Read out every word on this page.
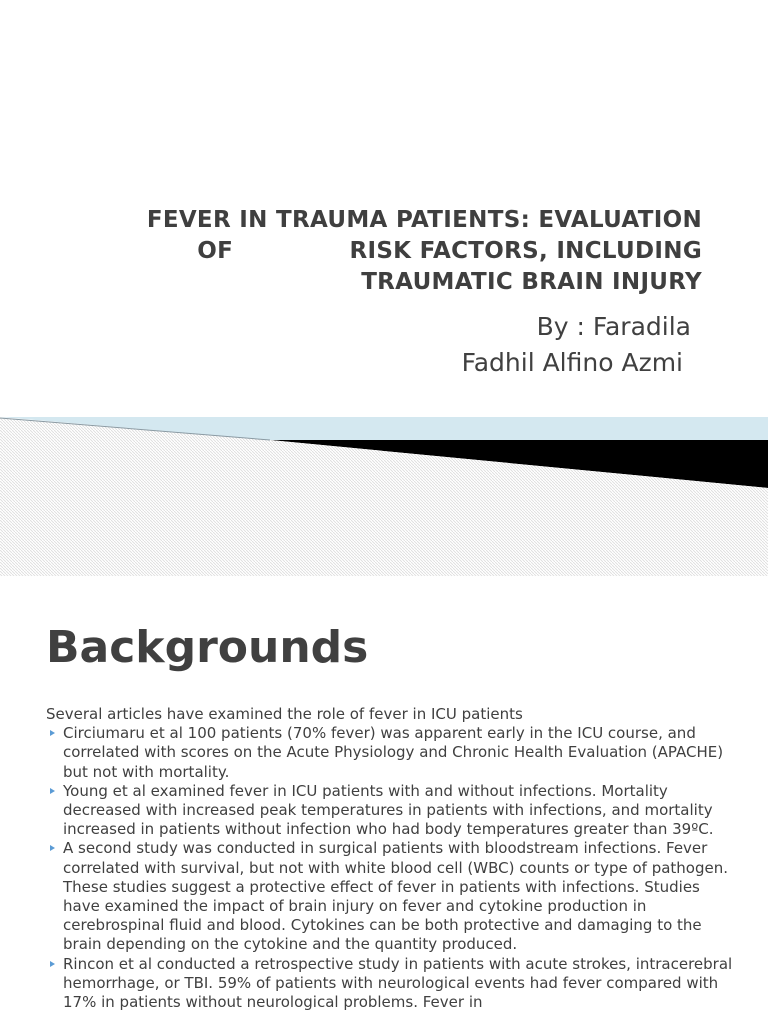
FEVER IN TRAUMA PATIENTS: EVALUATION
OF              RISK FACTORS, INCLUDING
TRAUMATIC BRAIN INJURY
By : Faradila
Fadhil Alfino Azmi
Backgrounds

Several articles have examined the role of fever in ICU patients

Circiumaru et al 100 patients (70% fever) was apparent early in the ICU course, and correlated with scores on the Acute Physiology and Chronic Health Evaluation (APACHE) but not with mortality.
Young et al examined fever in ICU patients with and without infections. Mortality decreased with increased peak temperatures in patients with infections, and mortality increased in patients without infection who had body temperatures greater than 39ºC.
A second study was conducted in surgical patients with bloodstream infections. Fever correlated with survival, but not with white blood cell (WBC) counts or type of pathogen. These studies suggest a protective effect of fever in patients with infections. Studies have examined the impact of brain injury on fever and cytokine production in cerebrospinal fluid and blood. Cytokines can be both protective and damaging to the brain depending on the cytokine and the quantity produced.
Rincon et al conducted a retrospective study in patients with acute strokes, intracerebral hemorrhage, or TBI. 59% of patients with neurological events had fever compared with 17% in patients without neurological problems. Fever in
